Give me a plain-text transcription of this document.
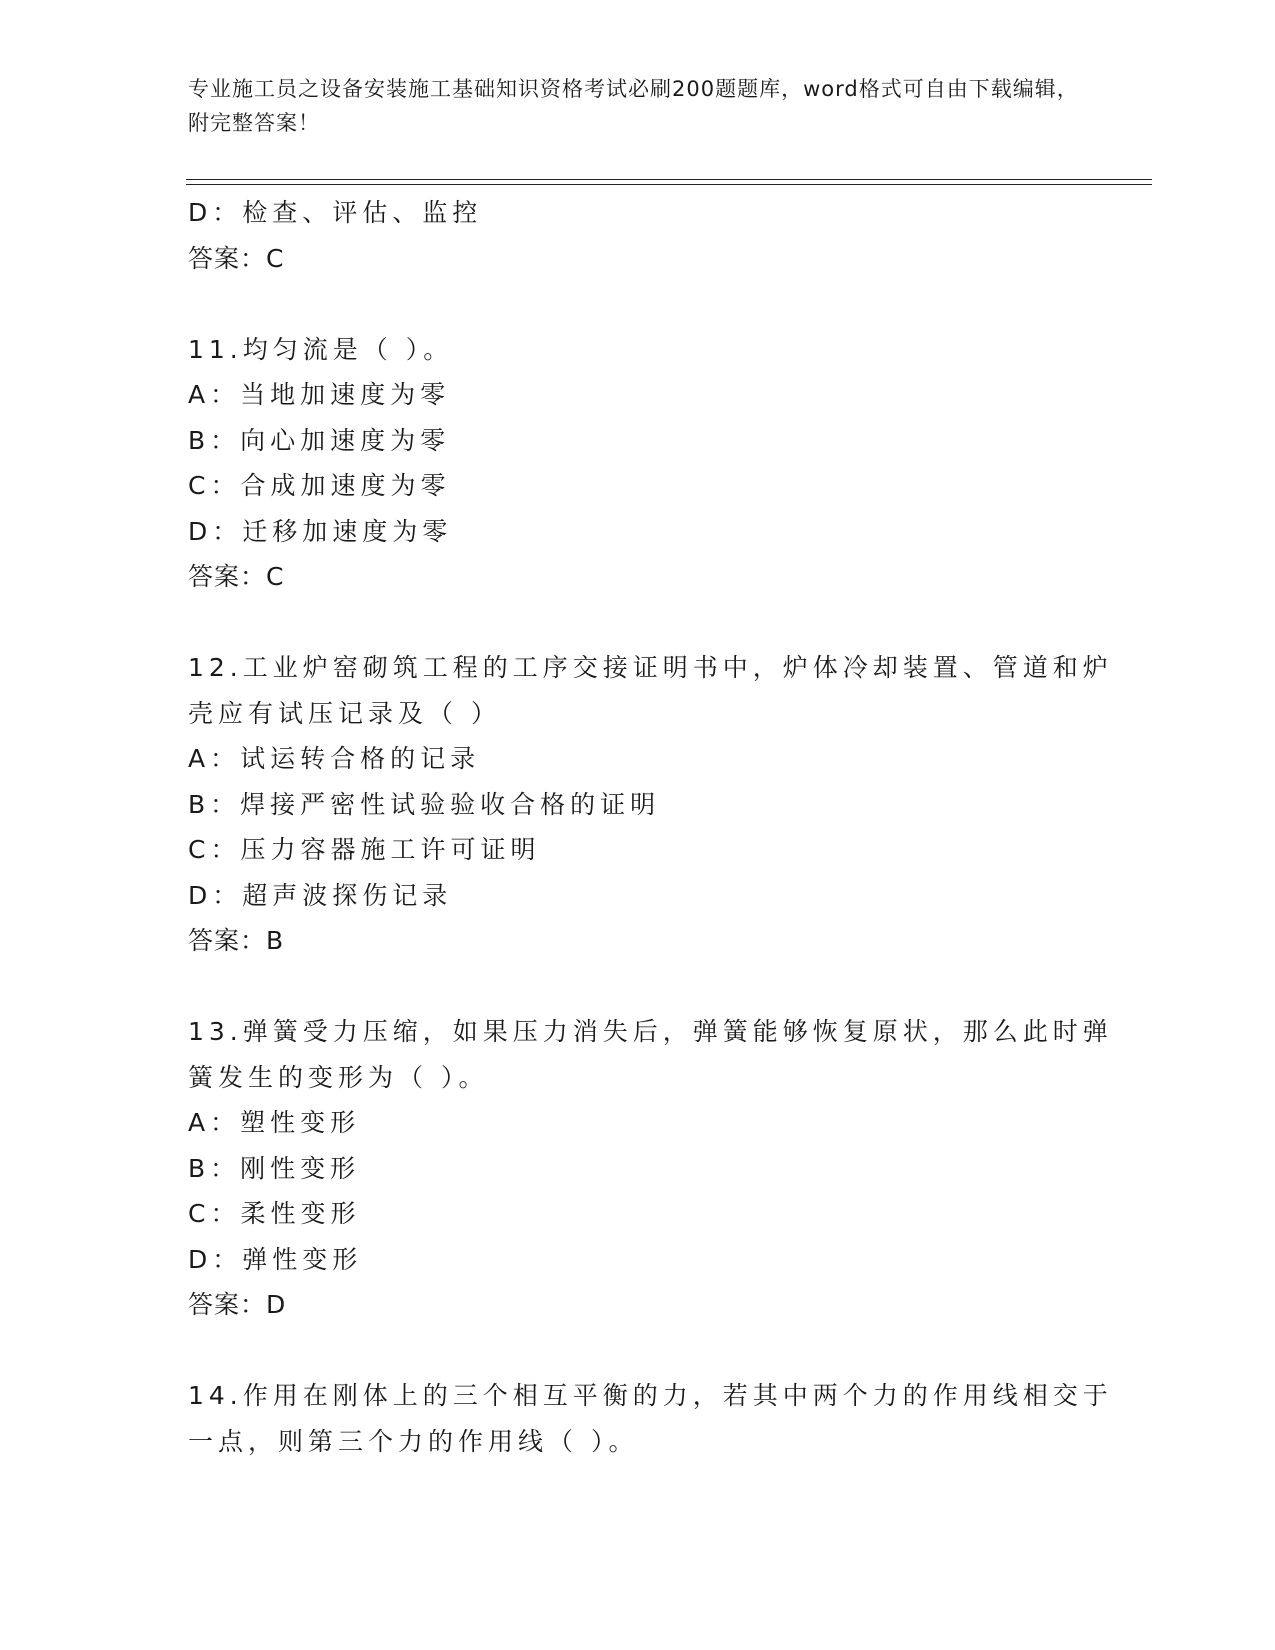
专业施工员之设备安装施工基础知识资格考试必刷200题题库，word格式可自由下载编辑，附完整答案！
D：检查、评估、监控
答案：C
11.均匀流是（ ）。
A：当地加速度为零
B：向心加速度为零
C：合成加速度为零
D：迁移加速度为零
答案：C
12.工业炉窑砌筑工程的工序交接证明书中，炉体冷却装置、管道和炉
壳应有试压记录及（ ）
A：试运转合格的记录
B：焊接严密性试验验收合格的证明
C：压力容器施工许可证明
D：超声波探伤记录
答案：B
13.弹簧受力压缩，如果压力消失后，弹簧能够恢复原状，那么此时弹
簧发生的变形为（ ）。
A：塑性变形
B：刚性变形
C：柔性变形
D：弹性变形
答案：D
14.作用在刚体上的三个相互平衡的力，若其中两个力的作用线相交于
一点，则第三个力的作用线（ ）。
